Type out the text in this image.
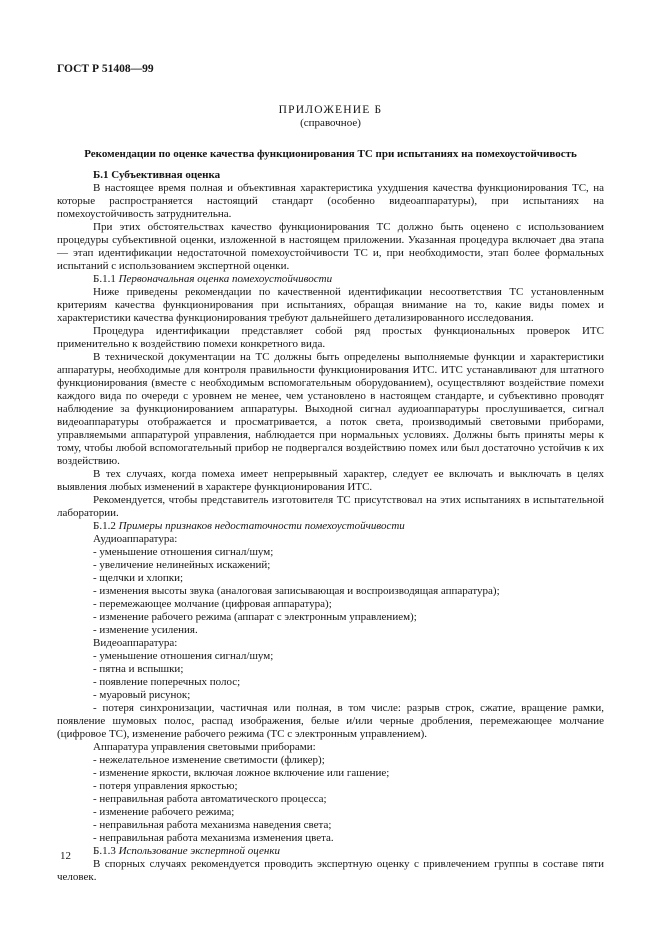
ГОСТ Р 51408—99
ПРИЛОЖЕНИЕ Б
(справочное)
Рекомендации по оценке качества функционирования ТС при испытаниях на помехоустойчивость

Б.1 Субъективная оценка

В настоящее время полная и объективная характеристика ухудшения качества функционирования ТС, на которые распространяется настоящий стандарт (особенно видеоаппаратуры), при испытаниях на помехоустойчивость затруднительна.

При этих обстоятельствах качество функционирования ТС должно быть оценено с использованием процедуры субъективной оценки, изложенной в настоящем приложении. Указанная процедура включает два этапа — этап идентификации недостаточной помехоустойчивости ТС и, при необходимости, этап более формальных испытаний с использованием экспертной оценки.

Б.1.1 Первоначальная оценка помехоустойчивости

Ниже приведены рекомендации по качественной идентификации несоответствия ТС установленным критериям качества функционирования при испытаниях, обращая внимание на то, какие виды помех и характеристики качества функционирования требуют дальнейшего детализированного исследования.

Процедура идентификации представляет собой ряд простых функциональных проверок ИТС применительно к воздействию помехи конкретного вида.

В технической документации на ТС должны быть определены выполняемые функции и характеристики аппаратуры, необходимые для контроля правильности функционирования ИТС. ИТС устанавливают для штатного функционирования (вместе с необходимым вспомогательным оборудованием), осуществляют воздействие помехи каждого вида по очереди с уровнем не менее, чем установлено в настоящем стандарте, и субъективно проводят наблюдение за функционированием аппаратуры. Выходной сигнал аудиоаппаратуры прослушивается, сигнал видеоаппаратуры отображается и просматривается, а поток света, производимый световыми приборами, управляемыми аппаратурой управления, наблюдается при нормальных условиях. Должны быть приняты меры к тому, чтобы любой вспомогательный прибор не подвергался воздействию помех или был достаточно устойчив к их воздействию.

В тех случаях, когда помеха имеет непрерывный характер, следует ее включать и выключать в целях выявления любых изменений в характере функционирования ИТС.

Рекомендуется, чтобы представитель изготовителя ТС присутствовал на этих испытаниях в испытательной лаборатории.

Б.1.2 Примеры признаков недостаточности помехоустойчивости

Аудиоаппаратура:

- уменьшение отношения сигнал/шум;

- увеличение нелинейных искажений;

- щелчки и хлопки;

- изменения высоты звука (аналоговая записывающая и воспроизводящая аппаратура);

- перемежающее молчание (цифровая аппаратура);

- изменение рабочего режима (аппарат с электронным управлением);

- изменение усиления.

Видеоаппаратура:

- уменьшение отношения сигнал/шум;

- пятна и вспышки;

- появление поперечных полос;

- муаровый рисунок;

- потеря синхронизации, частичная или полная, в том числе: разрыв строк, сжатие, вращение рамки, появление шумовых полос, распад изображения, белые и/или черные дробления, перемежающее молчание (цифровое ТС), изменение рабочего режима (ТС с электронным управлением).

Аппаратура управления световыми приборами:

- нежелательное изменение светимости (фликер);

- изменение яркости, включая ложное включение или гашение;

- потеря управления яркостью;

- неправильная работа автоматического процесса;

- изменение рабочего режима;

- неправильная работа механизма наведения света;

- неправильная работа механизма изменения цвета.

Б.1.3 Использование экспертной оценки

В спорных случаях рекомендуется проводить экспертную оценку с привлечением группы в составе пяти человек.

12
